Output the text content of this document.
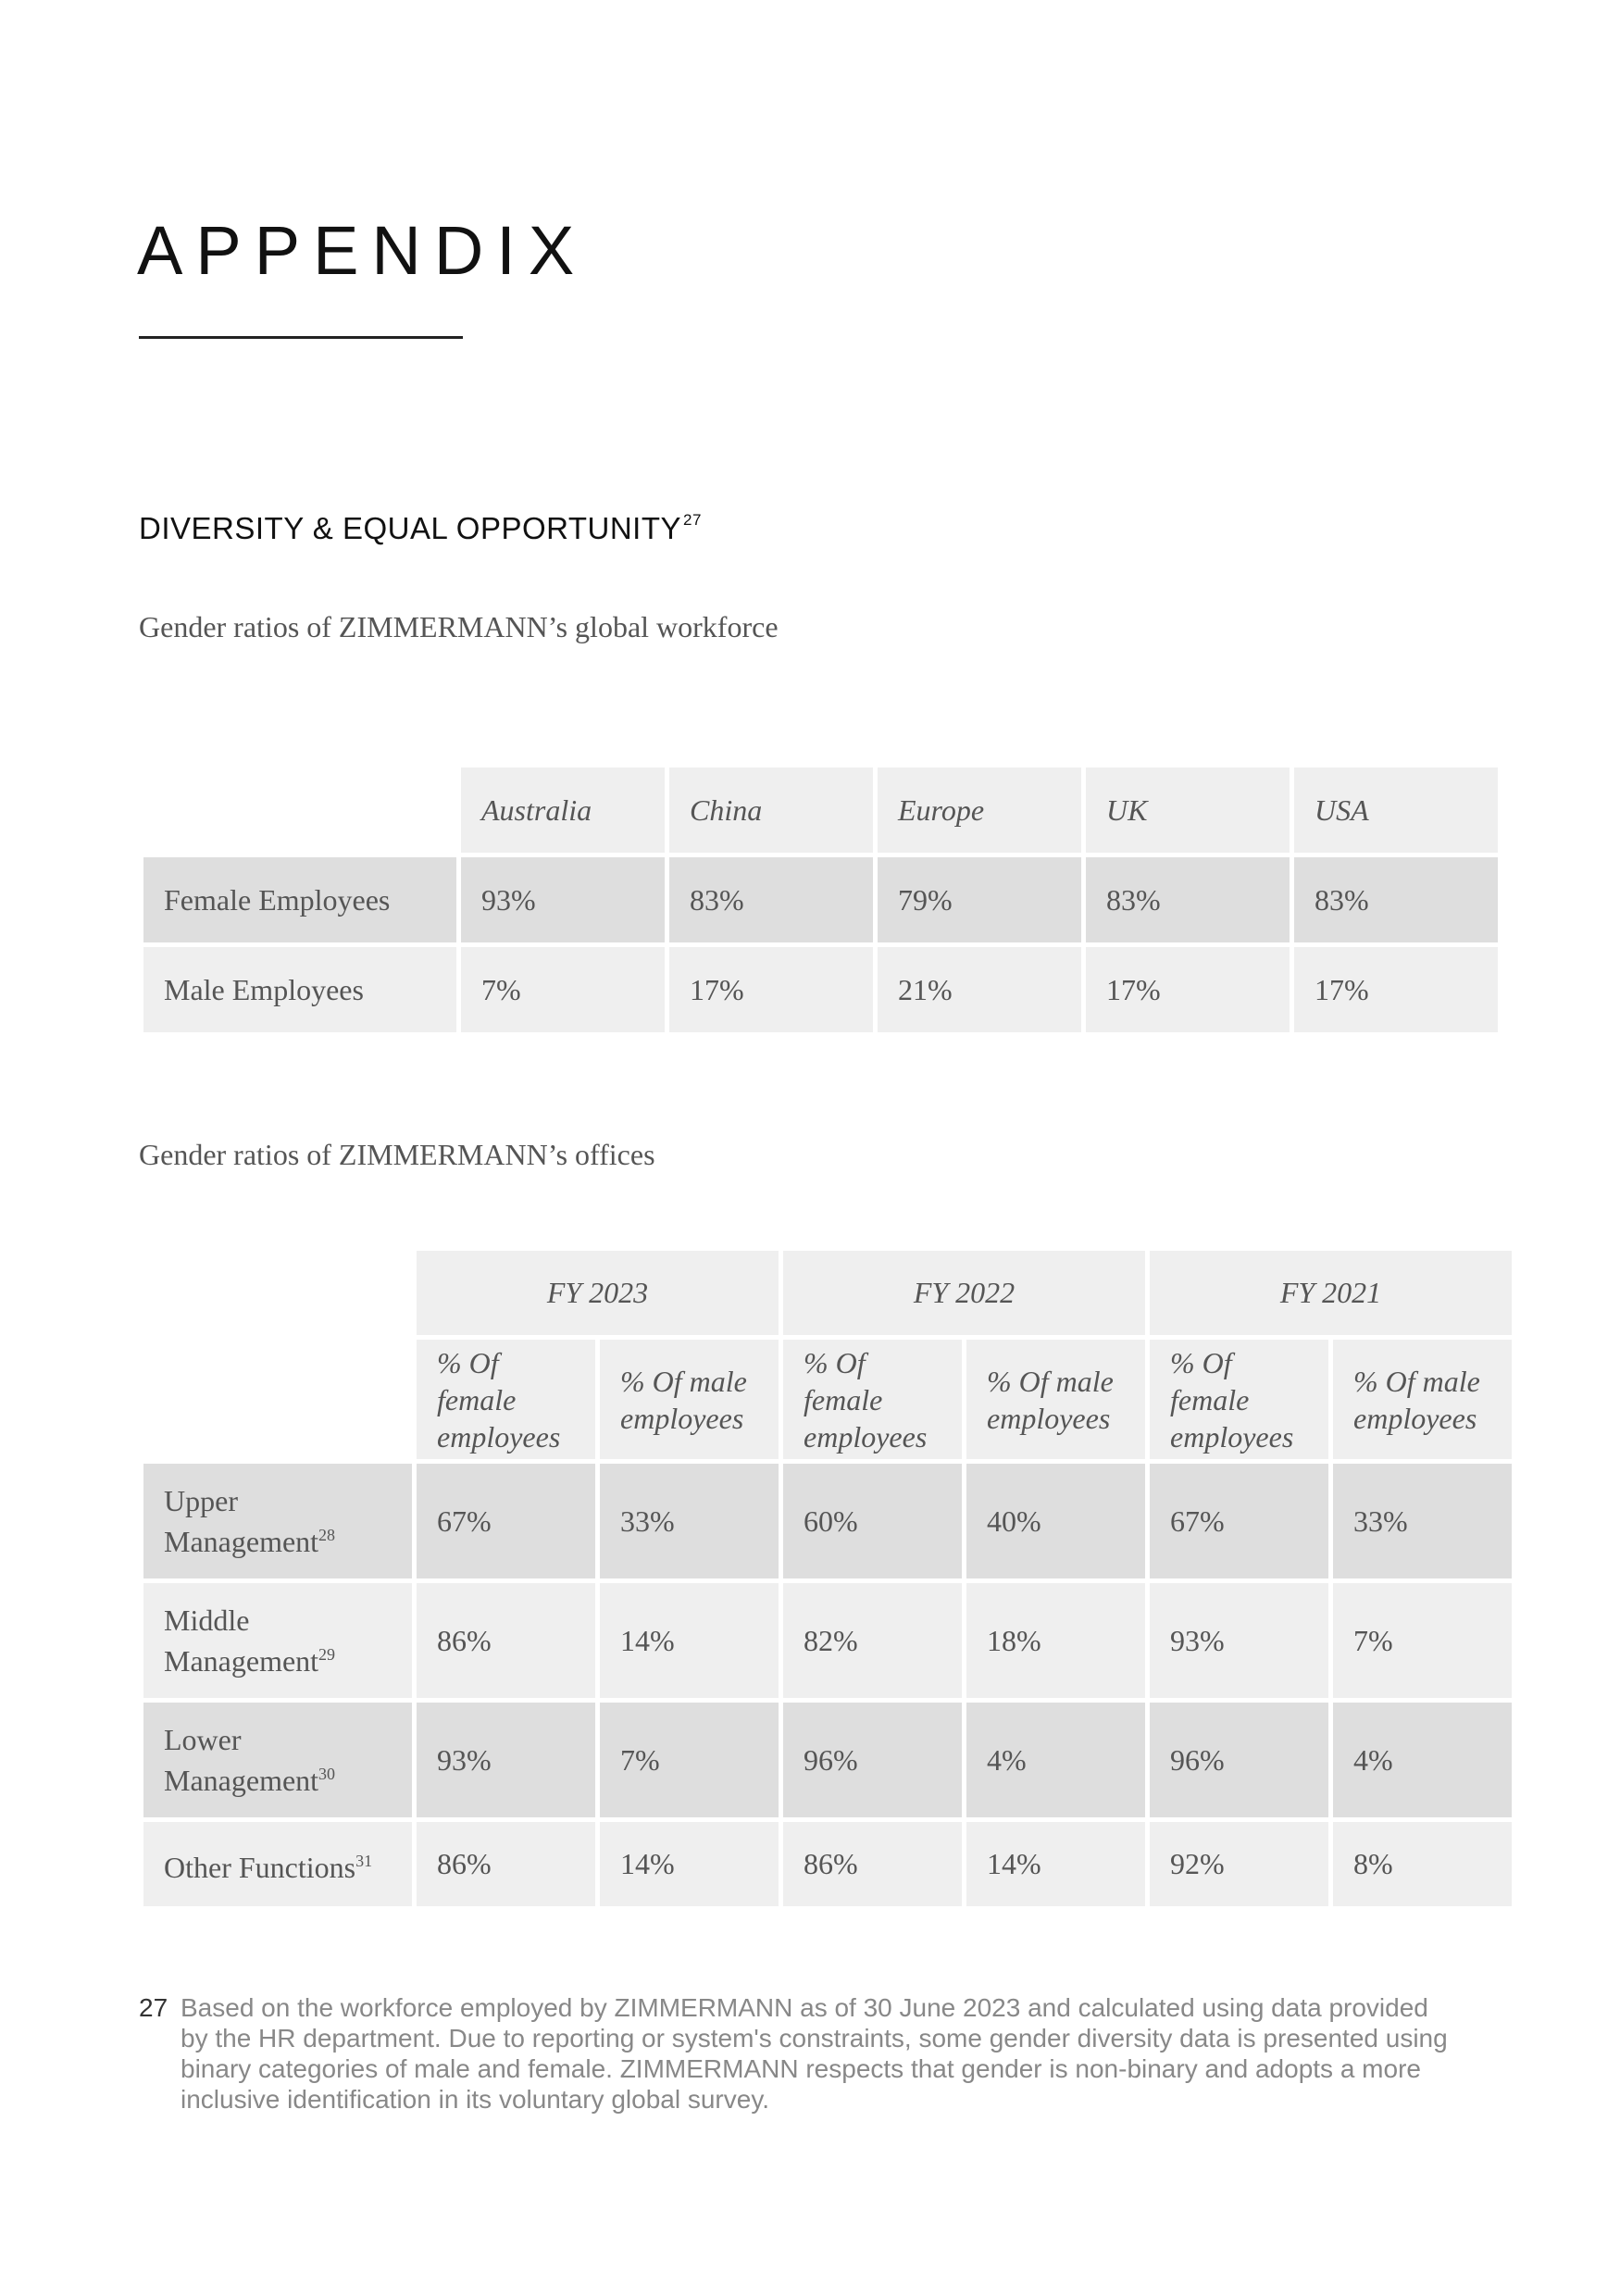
APPENDIX
DIVERSITY & EQUAL OPPORTUNITY $^{27}$

Gender ratios of ZIMMERMANN’s global workforce

	Australia	China	Europe	UK	USA
Female Employees	93%	83%	79%	83%	83%
Male Employees	7%	17%	21%	17%	17%

Gender ratios of ZIMMERMANN’s offices

	FY 2023		FY 2022		FY 2021	
	% Of female employees	% Of male employees	% Of female employees	% Of male employees	% Of female employees	% Of male employees
Upper Management$^{28}$	67%	33%	60%	40%	67%	33%
Middle Management$^{29}$	86%	14%	82%	18%	93%	7%
Lower Management$^{30}$	93%	7%	96%	4%	96%	4%
Other Functions$^{31}$	86%	14%	86%	14%	92%	8%
27 Based on the workforce employed by ZIMMERMANN as of 30 June 2023 and calculated using data provided by the HR department. Due to reporting or system's constraints, some gender diversity data is presented using binary categories of male and female. ZIMMERMANN respects that gender is non-binary and adopts a more inclusive identification in its voluntary global survey.
